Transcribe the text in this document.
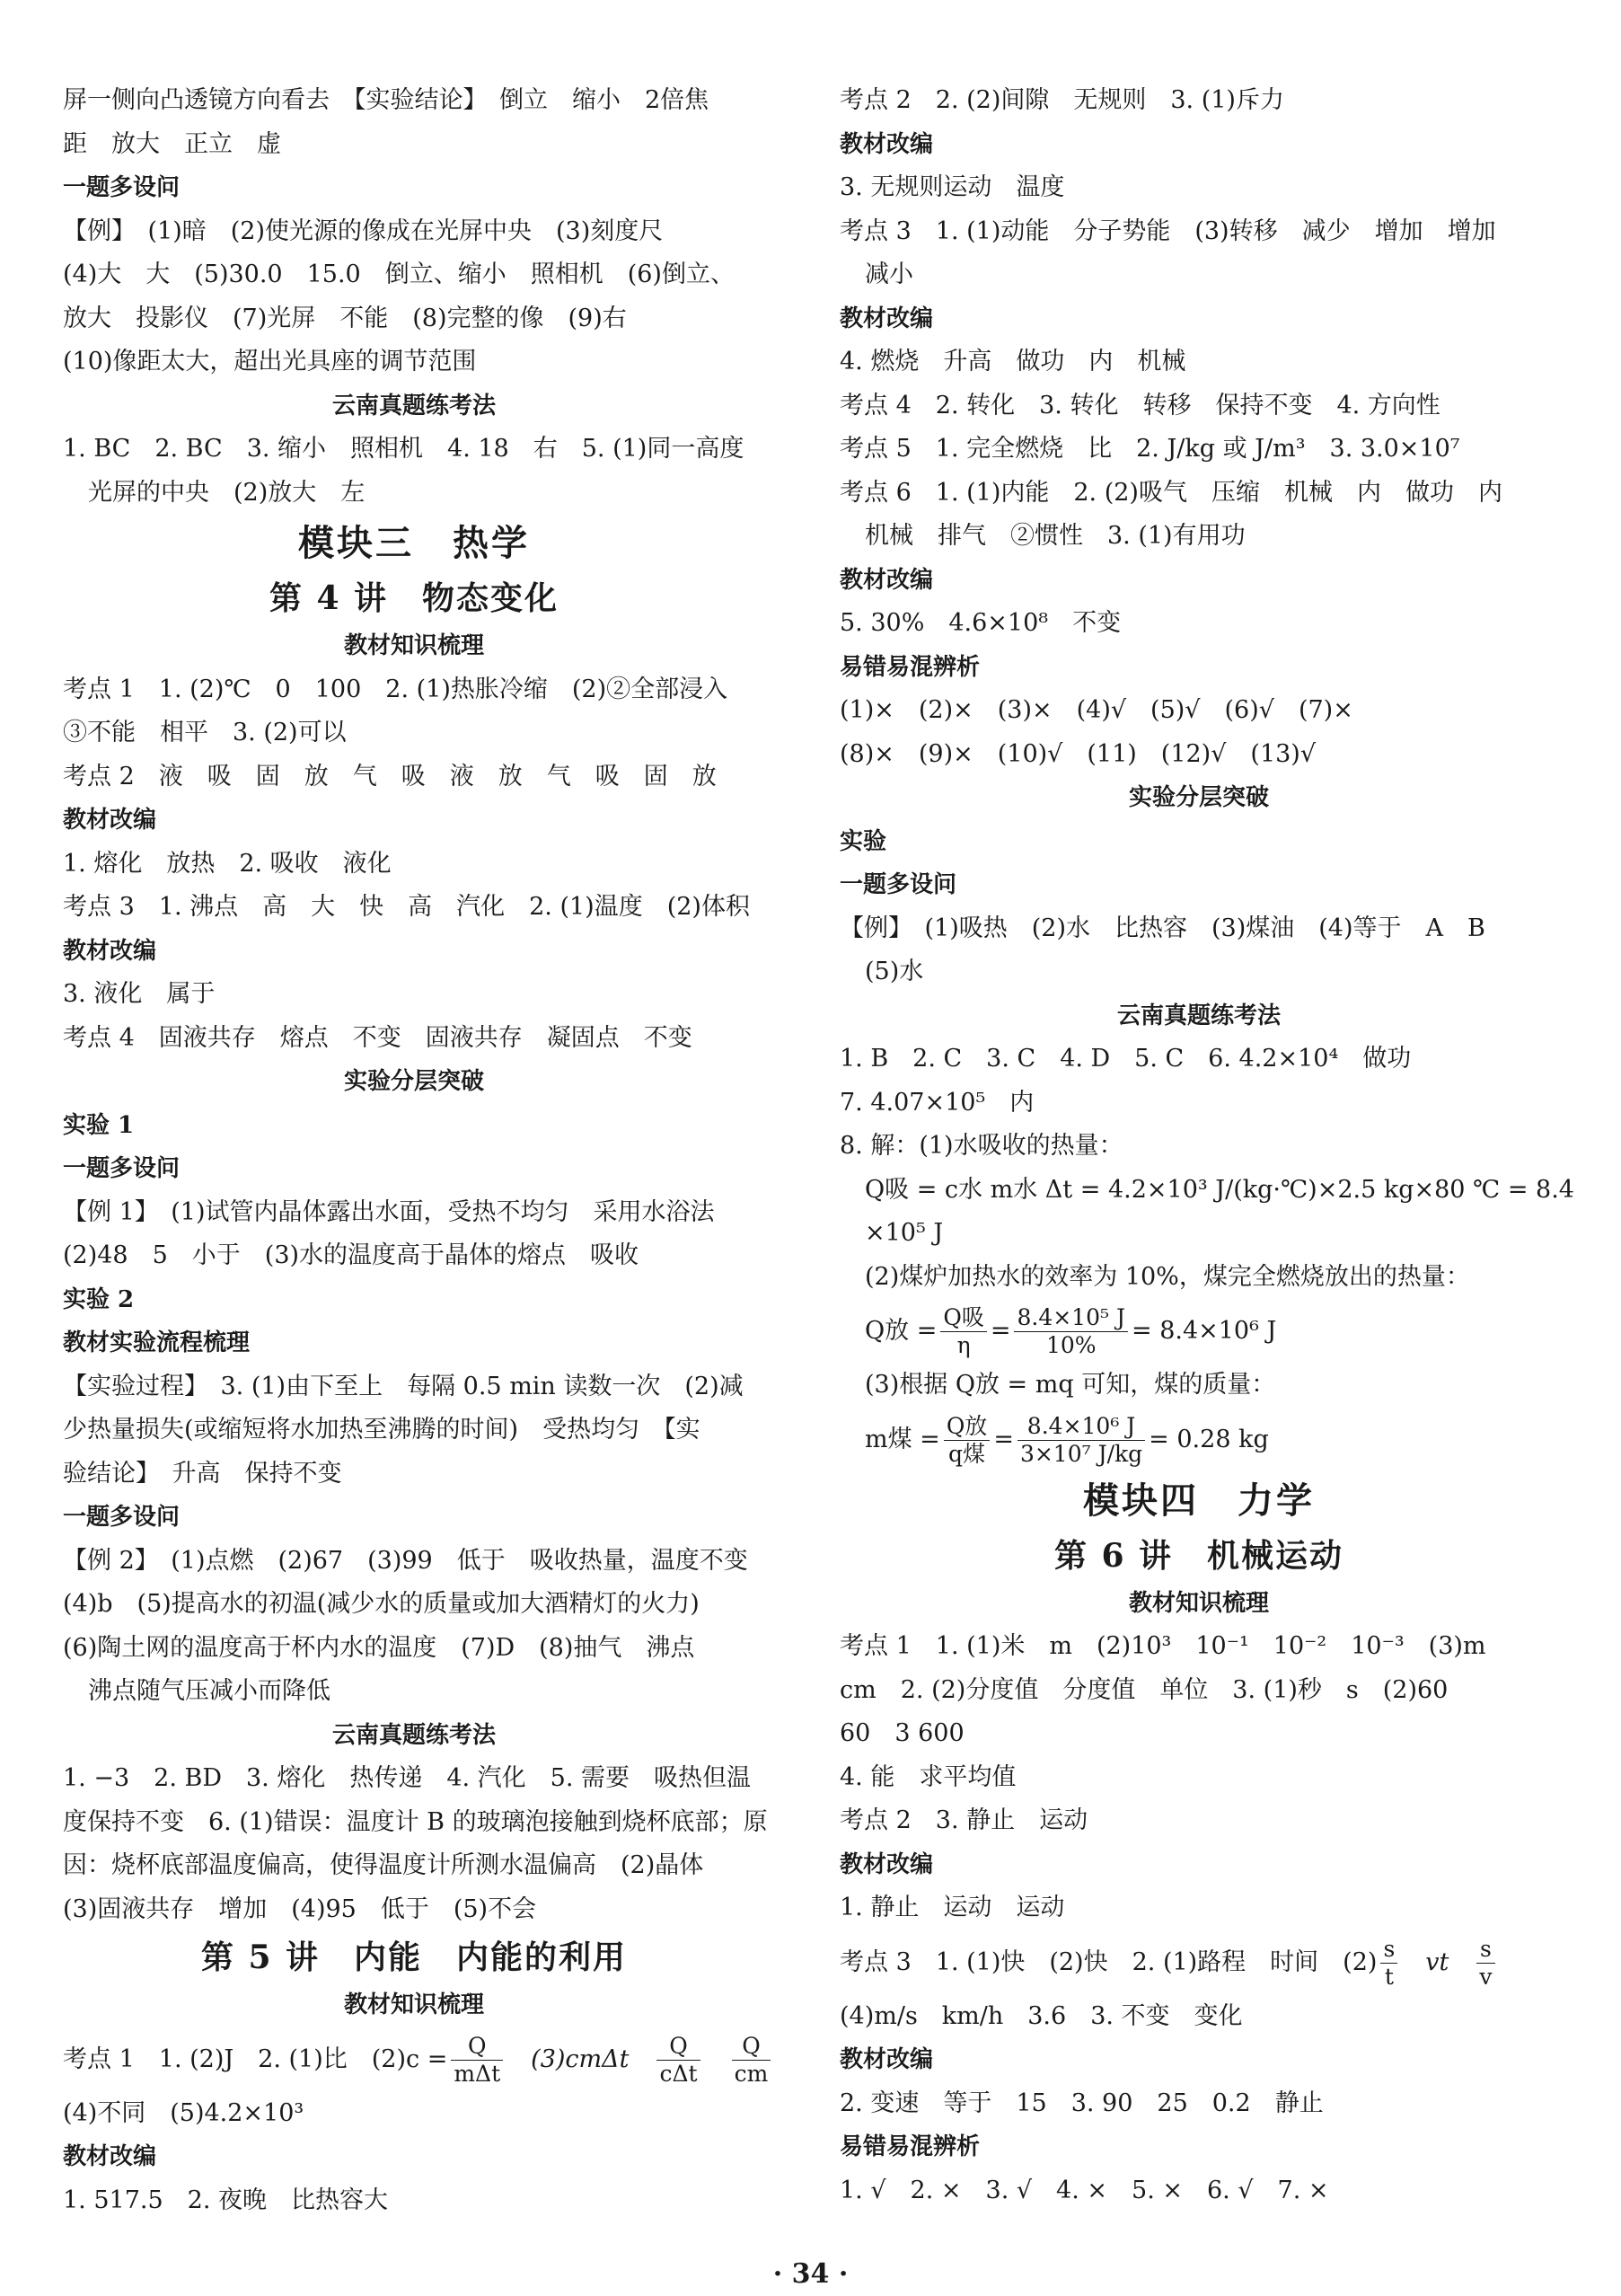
屏一侧向凸透镜方向看去　【实验结论】　倒立　缩小　2倍焦
距　放大　正立　虚
一题多设问
【例】　(1)暗　(2)使光源的像成在光屏中央　(3)刻度尺
(4)大　大　(5)30.0　15.0　倒立、缩小　照相机　(6)倒立、
放大　投影仪　(7)光屏　不能　(8)完整的像　(9)右
(10)像距太大，超出光具座的调节范围
云南真题练考法
1. BC　2. BC　3. 缩小　照相机　4. 18　右　5. (1)同一高度
光屏的中央　(2)放大　左
模块三　热学
第 4 讲　物态变化
教材知识梳理
考点 1　1. (2)℃　0　100　2. (1)热胀冷缩　(2)②全部浸入
③不能　相平　3. (2)可以
考点 2　液　吸　固　放　气　吸　液　放　气　吸　固　放
教材改编
1. 熔化　放热　2. 吸收　液化
考点 3　1. 沸点　高　大　快　高　汽化　2. (1)温度　(2)体积
教材改编
3. 液化　属于
考点 4　固液共存　熔点　不变　固液共存　凝固点　不变
实验分层突破
实验 1
一题多设问
【例 1】　(1)试管内晶体露出水面，受热不均匀　采用水浴法
(2)48　5　小于　(3)水的温度高于晶体的熔点　吸收
实验 2
教材实验流程梳理
【实验过程】　3. (1)由下至上　每隔 0.5 min 读数一次　(2)减
少热量损失(或缩短将水加热至沸腾的时间)　受热均匀　【实
验结论】　升高　保持不变
一题多设问
【例 2】　(1)点燃　(2)67　(3)99　低于　吸收热量，温度不变
(4)b　(5)提高水的初温(减少水的质量或加大酒精灯的火力)
(6)陶土网的温度高于杯内水的温度　(7)D　(8)抽气　沸点
沸点随气压减小而降低
云南真题练考法
1. −3　2. BD　3. 熔化　热传递　4. 汽化　5. 需要　吸热但温
度保持不变　6. (1)错误：温度计 B 的玻璃泡接触到烧杯底部；原
因：烧杯底部温度偏高，使得温度计所测水温偏高　(2)晶体
(3)固液共存　增加　(4)95　低于　(5)不会
第 5 讲　内能　内能的利用
教材知识梳理
考点 1　1. (2)J　2. (1)比　(2)c = Q
mΔt
　(3)cmΔt　	Q
cΔt
　 $\frac{Q}{cm}$
(4)不同　(5)4.2×10³
教材改编
1. 517.5　2. 夜晚　比热容大
考点 2　2. (2)间隙　无规则　3. (1)斥力
教材改编
3. 无规则运动　温度
考点 3　1. (1)动能　分子势能　(3)转移　减少　增加　增加
减小
教材改编
4. 燃烧　升高　做功　内　机械
考点 4　2. 转化　3. 转化　转移　保持不变　4. 方向性
考点 5　1. 完全燃烧　比　2. J/kg 或 J/m³　3. 3.0×10⁷
考点 6　1. (1)内能　2. (2)吸气　压缩　机械　内　做功　内
机械　排气　②惯性　3. (1)有用功
教材改编
5. 30%　4.6×10⁸　不变
易错易混辨析
(1)×　(2)×　(3)×　(4)√　(5)√　(6)√　(7)×
(8)×　(9)×　(10)√　(11)　(12)√　(13)√
实验分层突破
实验
一题多设问
【例】　(1)吸热　(2)水　比热容　(3)煤油　(4)等于　A　B
(5)水
云南真题练考法
1. B　2. C　3. C　4. D　5. C　6. 4.2×10⁴　做功
7. 4.07×10⁵　内
8. 解：(1)水吸收的热量：
Q吸 = c水 m水 Δt = 4.2×10³ J/(kg·℃)×2.5 kg×80 ℃ = 8.4
×10⁵ J
(2)煤炉加热水的效率为 10%，煤完全燃烧放出的热量：
Q放 = Q吸
η
= $\frac{\text{8.4×10⁵ J}}{10\%} = 8.4\times 10^6$ J
(3)根据 Q放 = mq 可知，煤的质量：
m煤 = Q放
q煤
= $\frac{\text{8.4×10⁶ J}}{\text{3×10⁷ J/kg}} = 0.28$ kg
模块四　力学
第 6 讲　机械运动
教材知识梳理
考点 1　1. (1)米　m　(2)10³　10⁻¹　10⁻²　10⁻³　(3)m
cm　2. (2)分度值　分度值　单位　3. (1)秒　s　(2)60
60　3 600
4. 能　求平均值
考点 2　3. 静止　运动
教材改编
1. 静止　运动　运动
考点 3　1. (1)快　(2)快　2. (1)路程　时间　$(2) \frac{s}{t}$
　 vt　 $\frac{s}{v}$
(4)m/s　km/h　3.6　3. 不变　变化
教材改编
2. 变速　等于　15　3. 90　25　0.2　静止
易错易混辨析
1. √　2. ×　3. √　4. ×　5. ×　6. √　7. ×
· 34 ·
